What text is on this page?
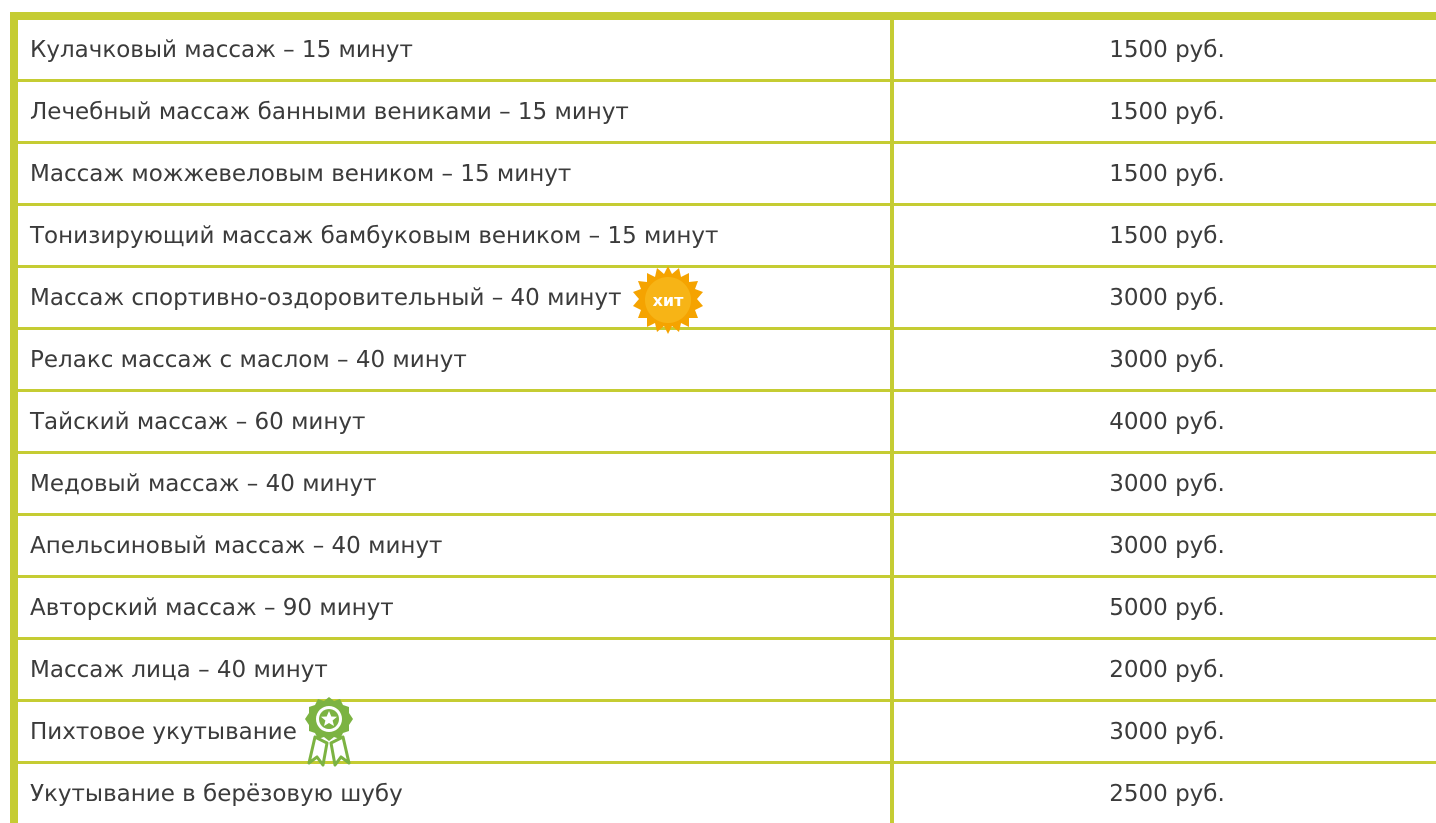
Кулачковый массаж – 15 минут	1500 руб.
Лечебный массаж банными вениками – 15 минут	1500 руб.
Массаж можжевеловым веником – 15 минут	1500 руб.
Тонизирующий массаж бамбуковым веником – 15 минут	1500 руб.
Массаж спортивно-оздоровительный – 40 минут хит	3000 руб.
Релакс массаж с маслом – 40 минут	3000 руб.
Тайский массаж – 60 минут	4000 руб.
Медовый массаж – 40 минут	3000 руб.
Апельсиновый массаж – 40 минут	3000 руб.
Авторский массаж – 90 минут	5000 руб.
Массаж лица – 40 минут	2000 руб.
Пихтовое укутывание	3000 руб.
Укутывание в берёзовую шубу	2500 руб.
